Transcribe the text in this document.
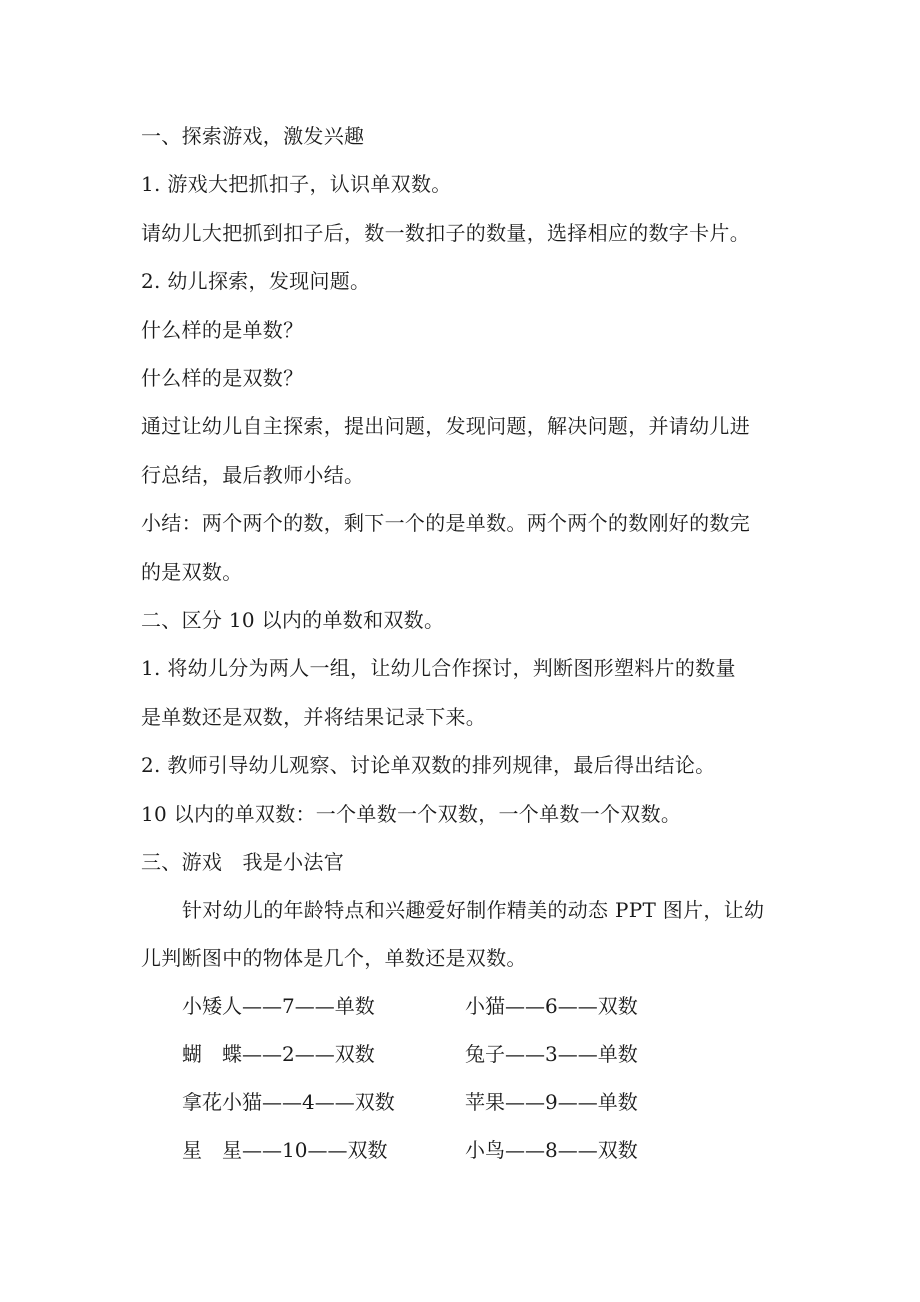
一、探索游戏，激发兴趣
1. 游戏大把抓扣子，认识单双数。
请幼儿大把抓到扣子后，数一数扣子的数量，选择相应的数字卡片。
2. 幼儿探索，发现问题。
什么样的是单数？
什么样的是双数？
通过让幼儿自主探索，提出问题，发现问题，解决问题，并请幼儿进
行总结，最后教师小结。
小结：两个两个的数，剩下一个的是单数。两个两个的数刚好的数完
的是双数。
二、区分 10 以内的单数和双数。
1. 将幼儿分为两人一组，让幼儿合作探讨，判断图形塑料片的数量
是单数还是双数，并将结果记录下来。
2. 教师引导幼儿观察、讨论单双数的排列规律，最后得出结论。
10 以内的单双数：一个单数一个双数，一个单数一个双数。
三、游戏　我是小法官
针对幼儿的年龄特点和兴趣爱好制作精美的动态 PPT 图片，让幼
儿判断图中的物体是几个，单数还是双数。
小矮人——7——单数	小猫——6——双数
蝴　蝶——2——双数	兔子——3——单数
拿花小猫——4——双数	苹果——9——单数
星　星——10——双数	小鸟——8——双数
